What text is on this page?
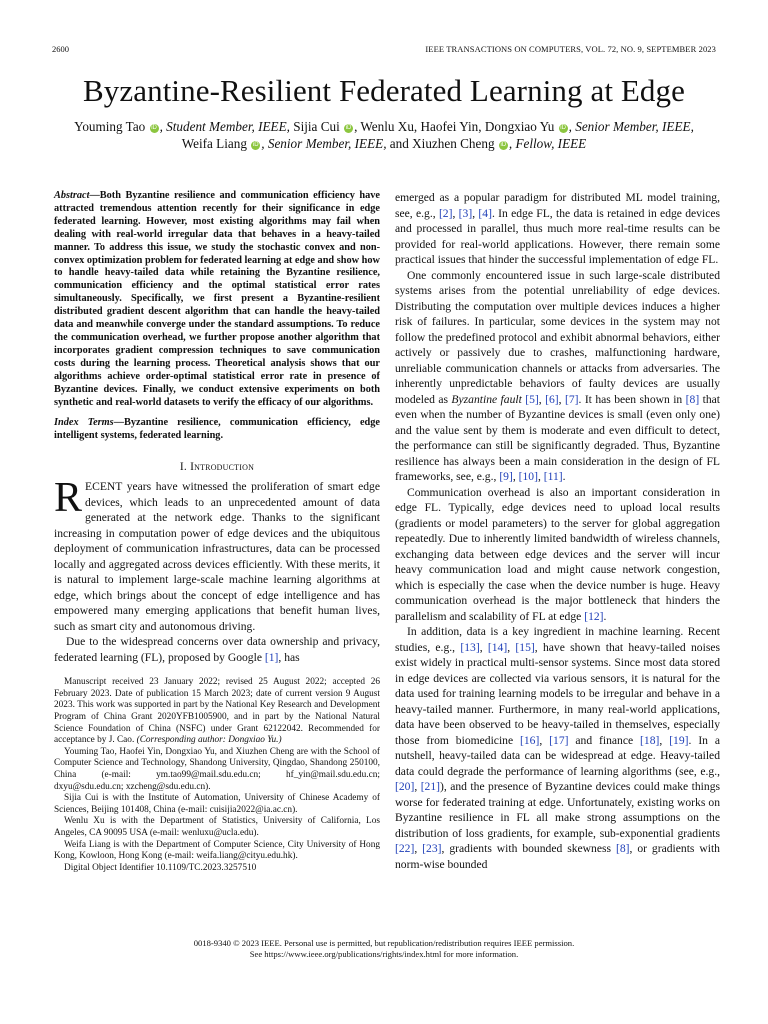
2600	IEEE TRANSACTIONS ON COMPUTERS, VOL. 72, NO. 9, SEPTEMBER 2023
Byzantine-Resilient Federated Learning at Edge
Youming Tao iD , Student Member, IEEE, Sijia Cui iD , Wenlu Xu, Haofei Yin, Dongxiao Yu iD , Senior Member, IEEE,
Weifa Liang iD , Senior Member, IEEE, and Xiuzhen Cheng iD , Fellow, IEEE

Abstract—Both Byzantine resilience and communication efficiency have attracted tremendous attention recently for their significance in edge federated learning. However, most existing algorithms may fail when dealing with real-world irregular data that behaves in a heavy-tailed manner. To address this issue, we study the stochastic convex and non-convex optimization problem for federated learning at edge and show how to handle heavy-tailed data while retaining the Byzantine resilience, communication efficiency and the optimal statistical error rates simultaneously. Specifically, we first present a Byzantine-resilient distributed gradient descent algorithm that can handle the heavy-tailed data and meanwhile converge under the standard assumptions. To reduce the communication overhead, we further propose another algorithm that incorporates gradient compression techniques to save communication costs during the learning process. Theoretical analysis shows that our algorithms achieve order-optimal statistical error rate in presence of Byzantine devices. Finally, we conduct extensive experiments on both synthetic and real-world datasets to verify the efficacy of our algorithms.

Index Terms—Byzantine resilience, communication efficiency, edge intelligent systems, federated learning.

I. Introduction

RECENT years have witnessed the proliferation of smart edge devices, which leads to an unprecedented amount of data generated at the network edge. Thanks to the significant increasing in computation power of edge devices and the ubiquitous deployment of communication infrastructures, data can be processed locally and aggregated across devices efficiently. With these merits, it is natural to implement large-scale machine learning algorithms at edge, which brings about the concept of edge intelligence and has empowered many emerging applications that benefit human lives, such as smart city and autonomous driving.

Due to the widespread concerns over data ownership and privacy, federated learning (FL), proposed by Google [1], has

Manuscript received 23 January 2022; revised 25 August 2022; accepted 26 February 2023. Date of publication 15 March 2023; date of current version 9 August 2023. This work was supported in part by the National Key Research and Development Program of China Grant 2020YFB1005900, and in part by the National Natural Science Foundation of China (NSFC) under Grant 62122042. Recommended for acceptance by J. Cao. (Corresponding author: Dongxiao Yu.)

Youming Tao, Haofei Yin, Dongxiao Yu, and Xiuzhen Cheng are with the School of Computer Science and Technology, Shandong University, Qingdao, Shandong 250100, China (e-mail: ym.tao99@mail.sdu.edu.cn; hf_yin@mail.sdu.edu.cn; dxyu@sdu.edu.cn; xzcheng@sdu.edu.cn).

Sijia Cui is with the Institute of Automation, University of Chinese Academy of Sciences, Beijing 101408, China (e-mail: cuisijia2022@ia.ac.cn).

Wenlu Xu is with the Department of Statistics, University of California, Los Angeles, CA 90095 USA (e-mail: wenluxu@ucla.edu).

Weifa Liang is with the Department of Computer Science, City University of Hong Kong, Kowloon, Hong Kong (e-mail: weifa.liang@cityu.edu.hk).

Digital Object Identifier 10.1109/TC.2023.3257510

emerged as a popular paradigm for distributed ML model training, see, e.g., [2], [3], [4]. In edge FL, the data is retained in edge devices and processed in parallel, thus much more real-time results can be provided for real-world applications. However, there remain some practical issues that hinder the successful implementation of edge FL.

One commonly encountered issue in such large-scale distributed systems arises from the potential unreliability of edge devices. Distributing the computation over multiple devices induces a higher risk of failures. In particular, some devices in the system may not follow the predefined protocol and exhibit abnormal behaviors, either actively or passively due to crashes, malfunctioning hardware, unreliable communication channels or attacks from adversaries. The inherently unpredictable behaviors of faulty devices are usually modeled as Byzantine fault [5], [6], [7]. It has been shown in [8] that even when the number of Byzantine devices is small (even only one) and the value sent by them is moderate and even difficult to detect, the performance can still be significantly degraded. Thus, Byzantine resilience has always been a main consideration in the design of FL frameworks, see, e.g., [9], [10], [11].

Communication overhead is also an important consideration in edge FL. Typically, edge devices need to upload local results (gradients or model parameters) to the server for global aggregation repeatedly. Due to inherently limited bandwidth of wireless channels, exchanging data between edge devices and the server will incur heavy communication load and might cause network congestion, which is especially the case when the device number is huge. Heavy communication overhead is the major bottleneck that hinders the parallelism and scalability of FL at edge [12].

In addition, data is a key ingredient in machine learning. Recent studies, e.g., [13], [14], [15], have shown that heavy-tailed noises exist widely in practical multi-sensor systems. Since most data stored in edge devices are collected via various sensors, it is natural for the data used for training learning models to be irregular and behave in a heavy-tailed manner. Furthermore, in many real-world applications, data have been observed to be heavy-tailed in themselves, especially those from biomedicine [16], [17] and finance [18], [19]. In a nutshell, heavy-tailed data can be widespread at edge. Heavy-tailed data could degrade the performance of learning algorithms (see, e.g., [20], [21]), and the presence of Byzantine devices could make things worse for federated training at edge. Unfortunately, existing works on Byzantine resilience in FL all make strong assumptions on the distribution of loss gradients, for example, sub-exponential gradients [22], [23], gradients with bounded skewness [8], or gradients with norm-wise bounded

0018-9340 © 2023 IEEE. Personal use is permitted, but republication/redistribution requires IEEE permission.
See https://www.ieee.org/publications/rights/index.html for more information.
